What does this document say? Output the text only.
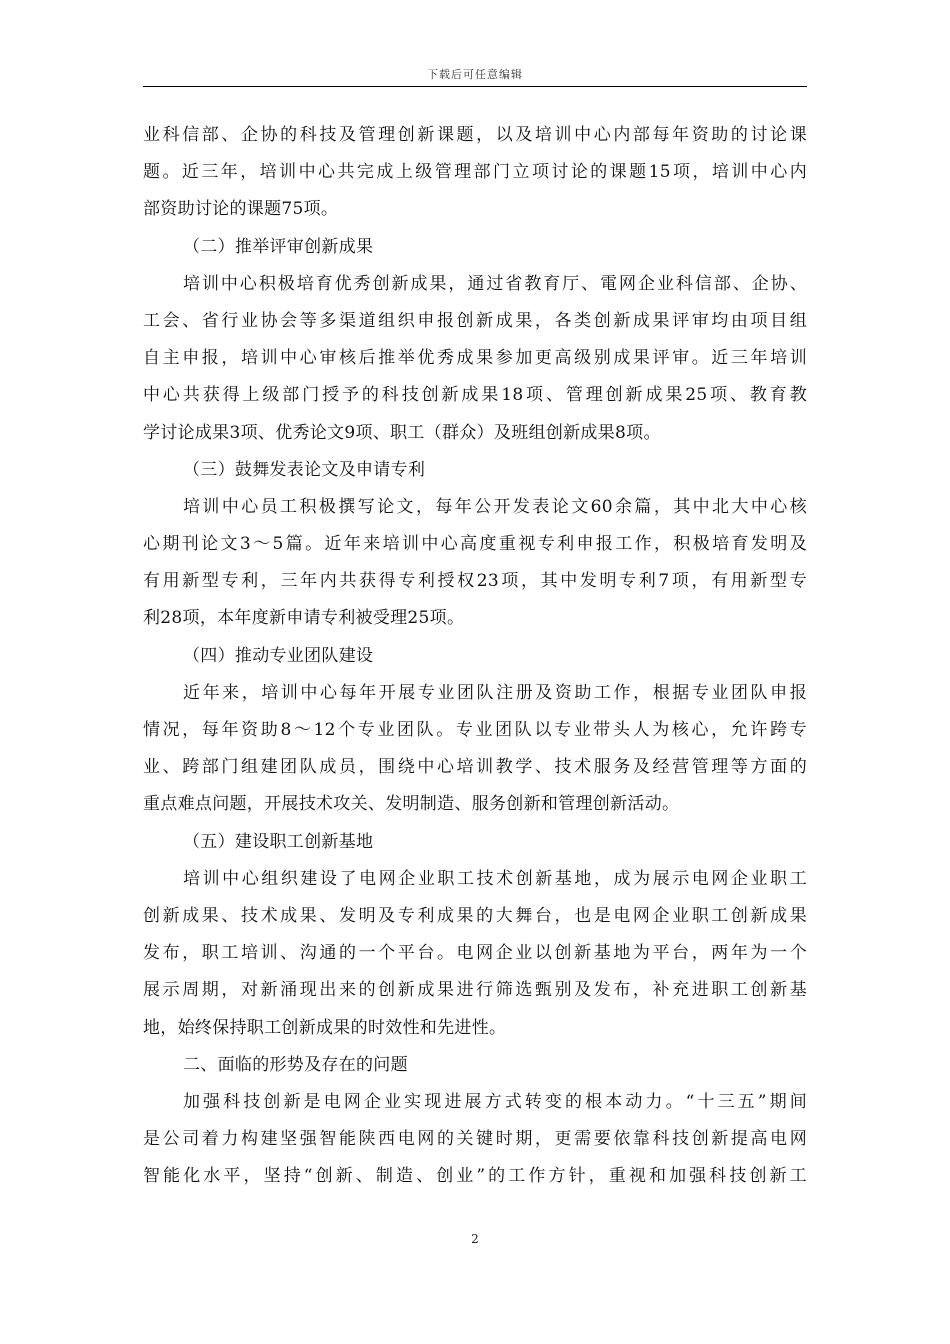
下载后可任意编辑
业科信部、企协的科技及管理创新课题，以及培训中心内部每年资助的讨论课
题。近三年，培训中心共完成上级管理部门立项讨论的课题15项，培训中心内
部资助讨论的课题75项。
（二）推举评审创新成果
培训中心积极培育优秀创新成果，通过省教育厅、電网企业科信部、企协、
工会、省行业协会等多渠道组织申报创新成果，各类创新成果评审均由项目组
自主申报，培训中心审核后推举优秀成果参加更高级别成果评审。近三年培训
中心共获得上级部门授予的科技创新成果18项、管理创新成果25项、教育教
学讨论成果3项、优秀论文9项、职工（群众）及班组创新成果8项。
（三）鼓舞发表论文及申请专利
培训中心员工积极撰写论文，每年公开发表论文60余篇，其中北大中心核
心期刊论文3～5篇。近年来培训中心高度重视专利申报工作，积极培育发明及
有用新型专利，三年内共获得专利授权23项，其中发明专利7项，有用新型专
利28项，本年度新申请专利被受理25项。
（四）推动专业团队建设
近年来，培训中心每年开展专业团队注册及资助工作，根据专业团队申报
情况，每年资助8～12个专业团队。专业团队以专业带头人为核心，允许跨专
业、跨部门组建团队成员，围绕中心培训教学、技术服务及经营管理等方面的
重点难点问题，开展技术攻关、发明制造、服务创新和管理创新活动。
（五）建设职工创新基地
培训中心组织建设了电网企业职工技术创新基地，成为展示电网企业职工
创新成果、技术成果、发明及专利成果的大舞台，也是电网企业职工创新成果
发布，职工培训、沟通的一个平台。电网企业以创新基地为平台，两年为一个
展示周期，对新涌现出来的创新成果进行筛选甄别及发布，补充进职工创新基
地，始终保持职工创新成果的时效性和先进性。
二、面临的形势及存在的问题
加强科技创新是电网企业实现进展方式转变的根本动力。“十三五”期间
是公司着力构建坚强智能陕西电网的关键时期，更需要依靠科技创新提高电网
智能化水平，坚持“创新、制造、创业”的工作方针，重视和加强科技创新工
2
